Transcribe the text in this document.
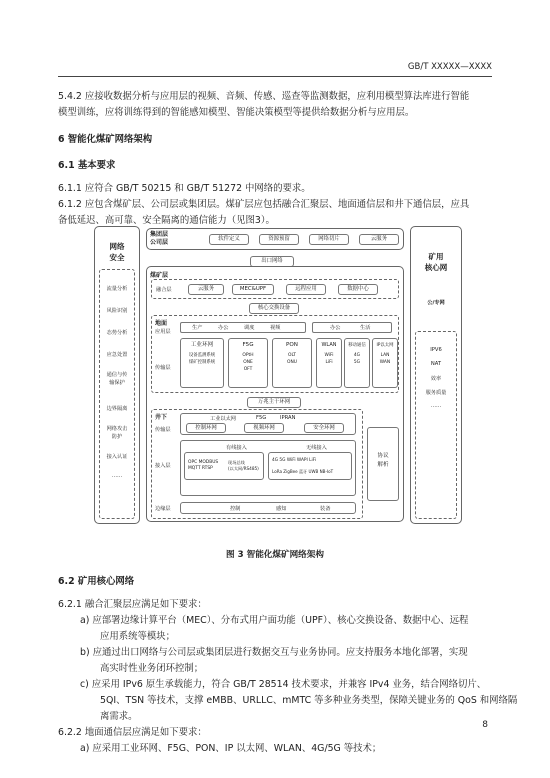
GB/T XXXXX—XXXX
5.4.2 应接收数据分析与应用层的视频、音频、传感、巡查等监测数据，应利用模型算法库进行智能
模型训练，应将训练得到的智能感知模型、智能决策模型等提供给数据分析与应用层。
6 智能化煤矿网络架构
6.1 基本要求
6.1.1 应符合 GB/T 50215 和 GB/T 51272 中网络的要求。
6.1.2 应包含煤矿层、公司层或集团层。煤矿层应包括融合汇聚层、地面通信层和井下通信层，应具
备低延迟、高可靠、安全隔离的通信能力（见图3）。
网络
安全
流量分析
风险识别
态势分析
应急处置
通信与传
输保护
边界隔离
网络攻击
防护
接入认证
……
集团层
公司层	软件定义	资源预留	网络切片	云服务
出口网络
煤矿层
融合层	云服务	MEC&UPF	远程应用	数据中心
核心交换设备
地面
应用层
传输层
生产	办公	调度	视频	办公	生活
工业环网
设备监测系统
煤矿控制系统
F5G
OPtH
ONE
OFT
PON
OLT
ONU
WLAN
WiFi
LiFi
移动通信
4G
5G
IP以太网
LAN
WAN
万兆主干环网
井下
传输层
工业以太网	F5G	IPRAN
控制环网	视频环网	安全环网
接入层
有线接入
OPC MODBUS
MQTT RTSP
现场总线
(以太网/RS485)
无线接入
4G 5G WiFi WAPI LiFi
LoRa ZigBee 蓝牙 UWB NB-IoT
边缘层	控制	感知	装备
协议
解析
矿用
核心网
公/专网
IPV6
NAT
效率
服务质量
……
图 3 智能化煤矿网络架构
6.2 矿用核心网络
6.2.1 融合汇聚层应满足如下要求：
a) 应部署边缘计算平台（MEC）、分布式用户面功能（UPF）、核心交换设备、数据中心、远程
应用系统等模块；
b) 应通过出口网络与公司层或集团层进行数据交互与业务协同。应支持服务本地化部署，实现
高实时性业务闭环控制；
c) 应采用 IPv6 原生承载能力，符合 GB/T 28514 技术要求，并兼容 IPv4 业务，结合网络切片、
5QI、TSN 等技术，支撑 eMBB、URLLC、mMTC 等多种业务类型，保障关键业务的 QoS 和网络隔
离需求。
6.2.2 地面通信层应满足如下要求：
a) 应采用工业环网、F5G、PON、IP 以太网、WLAN、4G/5G 等技术；
8
